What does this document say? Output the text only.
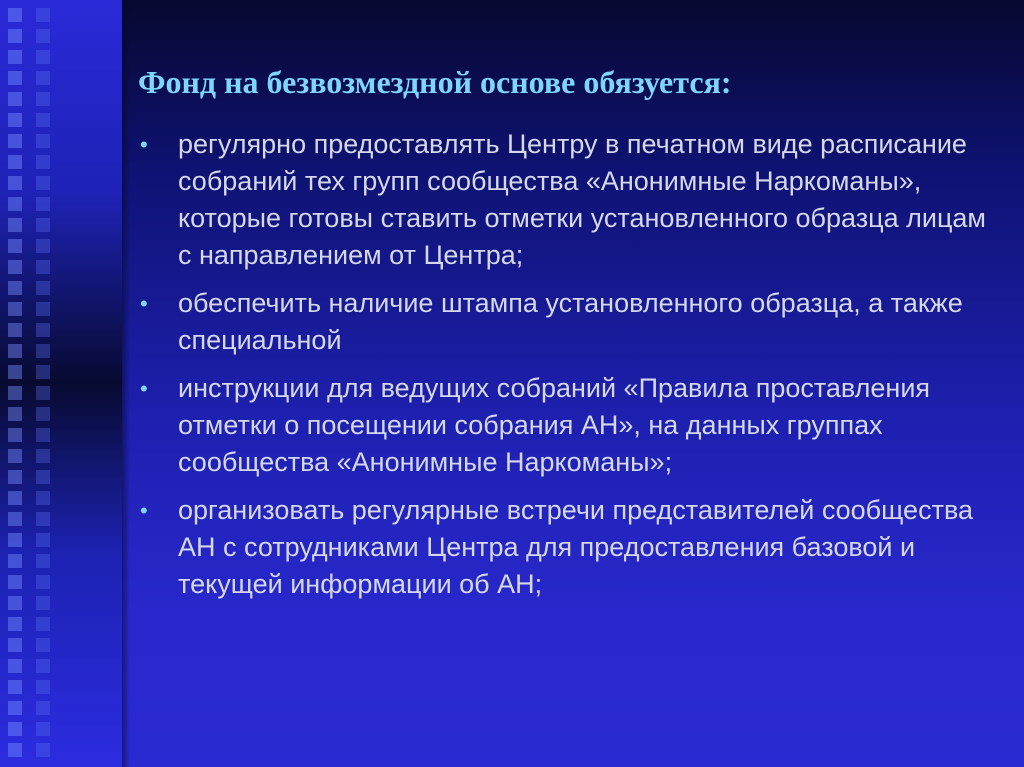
Фонд на безвозмездной основе обязуется:
• регулярно предоставлять Центру в печатном виде расписание собраний тех групп сообщества «Анонимные Наркоманы», которые готовы ставить отметки установленного образца лицам с направлением от Центра;
• обеспечить наличие штампа установленного образца, а также специальной
• инструкции для ведущих собраний «Правила проставления отметки о посещении собрания АН», на данных группах сообщества «Анонимные Наркоманы»;
• организовать регулярные встречи представителей сообщества АН с сотрудниками Центра для предоставления базовой и текущей информации об АН;
